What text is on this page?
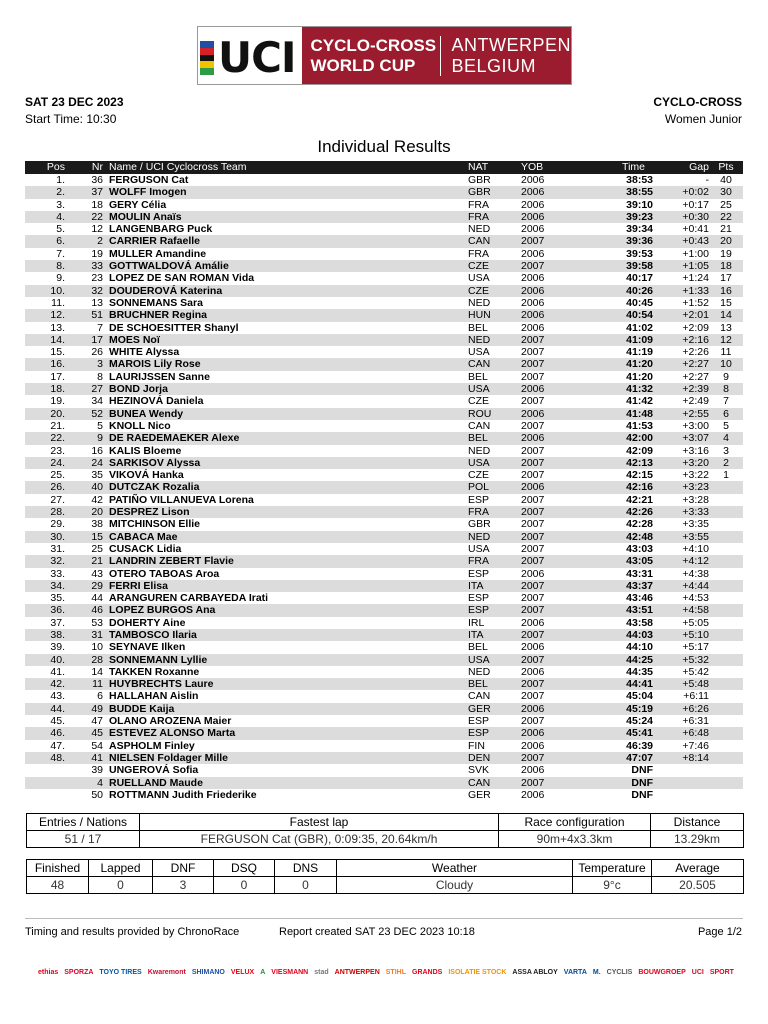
UCI CYCLO-CROSS
WORLD CUP
ANTWERPEN
BELGIUM
SAT 23 DEC 2023
Start Time: 10:30
CYCLO-CROSS
Women Junior
Individual Results
Pos	Nr	Name / UCI Cyclocross Team	NAT	YOB	Time	Gap	Pts
1.	36	FERGUSON Cat	GBR	2006	38:53	-	40
2.	37	WOLFF Imogen	GBR	2006	38:55	+0:02	30
3.	18	GERY Célia	FRA	2006	39:10	+0:17	25
4.	22	MOULIN Anaïs	FRA	2006	39:23	+0:30	22
5.	12	LANGENBARG Puck	NED	2006	39:34	+0:41	21
6.	2	CARRIER Rafaelle	CAN	2007	39:36	+0:43	20
7.	19	MULLER Amandine	FRA	2006	39:53	+1:00	19
8.	33	GOTTWALDOVÁ Amálie	CZE	2007	39:58	+1:05	18
9.	23	LOPEZ DE SAN ROMAN Vida	USA	2006	40:17	+1:24	17
10.	32	DOUDEROVÁ Katerina	CZE	2006	40:26	+1:33	16
11.	13	SONNEMANS Sara	NED	2006	40:45	+1:52	15
12.	51	BRUCHNER Regina	HUN	2006	40:54	+2:01	14
13.	7	DE SCHOESITTER Shanyl	BEL	2006	41:02	+2:09	13
14.	17	MOES Noï	NED	2007	41:09	+2:16	12
15.	26	WHITE Alyssa	USA	2007	41:19	+2:26	11
16.	3	MAROIS Lily Rose	CAN	2007	41:20	+2:27	10
17.	8	LAURIJSSEN Sanne	BEL	2007	41:20	+2:27	9
18.	27	BOND Jorja	USA	2006	41:32	+2:39	8
19.	34	HEZINOVÁ Daniela	CZE	2007	41:42	+2:49	7
20.	52	BUNEA Wendy	ROU	2006	41:48	+2:55	6
21.	5	KNOLL Nico	CAN	2007	41:53	+3:00	5
22.	9	DE RAEDEMAEKER Alexe	BEL	2006	42:00	+3:07	4
23.	16	KALIS Bloeme	NED	2007	42:09	+3:16	3
24.	24	SARKISOV Alyssa	USA	2007	42:13	+3:20	2
25.	35	VIKOVÁ Hanka	CZE	2007	42:15	+3:22	1
26.	40	DUTCZAK Rozalia	POL	2006	42:16	+3:23	
27.	42	PATIÑO VILLANUEVA Lorena	ESP	2007	42:21	+3:28	
28.	20	DESPREZ Lison	FRA	2007	42:26	+3:33	
29.	38	MITCHINSON Ellie	GBR	2007	42:28	+3:35	
30.	15	CABACA Mae	NED	2007	42:48	+3:55	
31.	25	CUSACK Lidia	USA	2007	43:03	+4:10	
32.	21	LANDRIN ZEBERT Flavie	FRA	2007	43:05	+4:12	
33.	43	OTERO TABOAS Aroa	ESP	2006	43:31	+4:38	
34.	29	FERRI Elisa	ITA	2007	43:37	+4:44	
35.	44	ARANGUREN CARBAYEDA Irati	ESP	2007	43:46	+4:53	
36.	46	LOPEZ BURGOS Ana	ESP	2007	43:51	+4:58	
37.	53	DOHERTY Aine	IRL	2006	43:58	+5:05	
38.	31	TAMBOSCO Ilaria	ITA	2007	44:03	+5:10	
39.	10	SEYNAVE Ilken	BEL	2006	44:10	+5:17	
40.	28	SONNEMANN Lyllie	USA	2007	44:25	+5:32	
41.	14	TAKKEN Roxanne	NED	2006	44:35	+5:42	
42.	11	HUYBRECHTS Laure	BEL	2007	44:41	+5:48	
43.	6	HALLAHAN Aislin	CAN	2007	45:04	+6:11	
44.	49	BUDDE Kaija	GER	2006	45:19	+6:26	
45.	47	OLANO AROZENA Maier	ESP	2007	45:24	+6:31	
46.	45	ESTEVEZ ALONSO Marta	ESP	2006	45:41	+6:48	
47.	54	ASPHOLM Finley	FIN	2006	46:39	+7:46	
48.	41	NIELSEN Foldager Mille	DEN	2007	47:07	+8:14	
	39	UNGEROVÁ Sofia	SVK	2006	DNF		
	4	RUELLAND Maude	CAN	2007	DNF		
	50	ROTTMANN Judith Friederike	GER	2006	DNF		
Entries / Nations	Fastest lap	Race configuration	Distance
51 / 17	FERGUSON Cat (GBR), 0:09:35, 20.64km/h	90m+4x3.3km	13.29km
Finished	Lapped	DNF	DSQ	DNS	Weather	Temperature	Average
48	0	3	0	0	Cloudy	9°c	20.505
Timing and results provided by ChronoRace	Report created SAT 23 DEC 2023 10:18	Page 1/2
ethias SPORZA TOYO TIRES Kwaremont SHIMANO VELUX A VIESMANN stad ANTWERPEN STIHL GRANDS ISOLATIE STOCK ASSA ABLOY VARTA M. CYCLIS BOUWGROEP UCI SPORT
